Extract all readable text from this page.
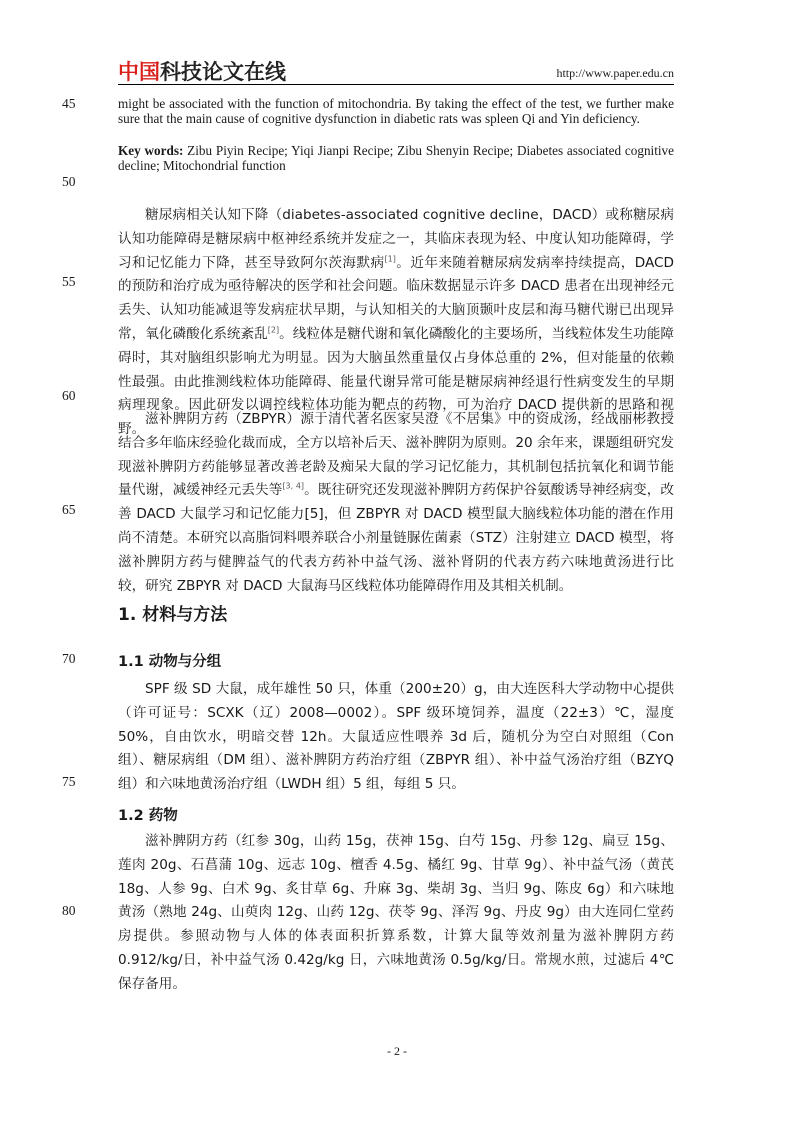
中国科技论文在线	http://www.paper.edu.cn
45
50
55
60
65
70
75
80
might be associated with the function of mitochondria. By taking the effect of the test, we further make sure that the main cause of cognitive dysfunction in diabetic rats was spleen Qi and Yin deficiency.
Key words: Zibu Piyin Recipe; Yiqi Jianpi Recipe; Zibu Shenyin Recipe; Diabetes associated cognitive decline; Mitochondrial function
糖尿病相关认知下降（diabetes-associated cognitive decline，DACD）或称糖尿病认知功能障碍是糖尿病中枢神经系统并发症之一，其临床表现为轻、中度认知功能障碍，学习和记忆能力下降，甚至导致阿尔茨海默病[1]。近年来随着糖尿病发病率持续提高，DACD 的预防和治疗成为亟待解决的医学和社会问题。临床数据显示许多 DACD 患者在出现神经元丢失、认知功能减退等发病症状早期，与认知相关的大脑顶颞叶皮层和海马糖代谢已出现异常，氧化磷酸化系统紊乱[2]。线粒体是糖代谢和氧化磷酸化的主要场所，当线粒体发生功能障碍时，其对脑组织影响尤为明显。因为大脑虽然重量仅占身体总重的 2%，但对能量的依赖性最强。由此推测线粒体功能障碍、能量代谢异常可能是糖尿病神经退行性病变发生的早期病理现象。因此研发以调控线粒体功能为靶点的药物，可为治疗 DACD 提供新的思路和视野。
滋补脾阴方药（ZBPYR）源于清代著名医家吴澄《不居集》中的资成汤，经战丽彬教授结合多年临床经验化裁而成，全方以培补后天、滋补脾阴为原则。20 余年来，课题组研究发现滋补脾阴方药能够显著改善老龄及痴呆大鼠的学习记忆能力，其机制包括抗氧化和调节能量代谢，减缓神经元丢失等[3, 4]。既往研究还发现滋补脾阴方药保护谷氨酸诱导神经病变，改善 DACD 大鼠学习和记忆能力[5]，但 ZBPYR 对 DACD 模型鼠大脑线粒体功能的潜在作用尚不清楚。本研究以高脂饲料喂养联合小剂量链脲佐菌素（STZ）注射建立 DACD 模型，将滋补脾阴方药与健脾益气的代表方药补中益气汤、滋补肾阴的代表方药六味地黄汤进行比较，研究 ZBPYR 对 DACD 大鼠海马区线粒体功能障碍作用及其相关机制。
1. 材料与方法
1.1 动物与分组
SPF 级 SD 大鼠，成年雄性 50 只，体重（200±20）g，由大连医科大学动物中心提供（许可证号：SCXK（辽）2008—0002）。SPF 级环境饲养，温度（22±3）℃，湿度 50%，自由饮水，明暗交替 12h。大鼠适应性喂养 3d 后，随机分为空白对照组（Con 组）、糖尿病组（DM 组）、滋补脾阴方药治疗组（ZBPYR 组）、补中益气汤治疗组（BZYQ 组）和六味地黄汤治疗组（LWDH 组）5 组，每组 5 只。
1.2 药物
滋补脾阴方药（红参 30g，山药 15g，茯神 15g、白芍 15g、丹参 12g、扁豆 15g、莲肉 20g、石菖蒲 10g、远志 10g、檀香 4.5g、橘红 9g、甘草 9g）、补中益气汤（黄芪 18g、人参 9g、白术 9g、炙甘草 6g、升麻 3g、柴胡 3g、当归 9g、陈皮 6g）和六味地黄汤（熟地 24g、山萸肉 12g、山药 12g、茯苓 9g、泽泻 9g、丹皮 9g）由大连同仁堂药房提供。参照动物与人体的体表面积折算系数，计算大鼠等效剂量为滋补脾阴方药 0.912/kg/日，补中益气汤 0.42g/kg 日，六味地黄汤 0.5g/kg/日。常规水煎，过滤后 4℃保存备用。
- 2 -
